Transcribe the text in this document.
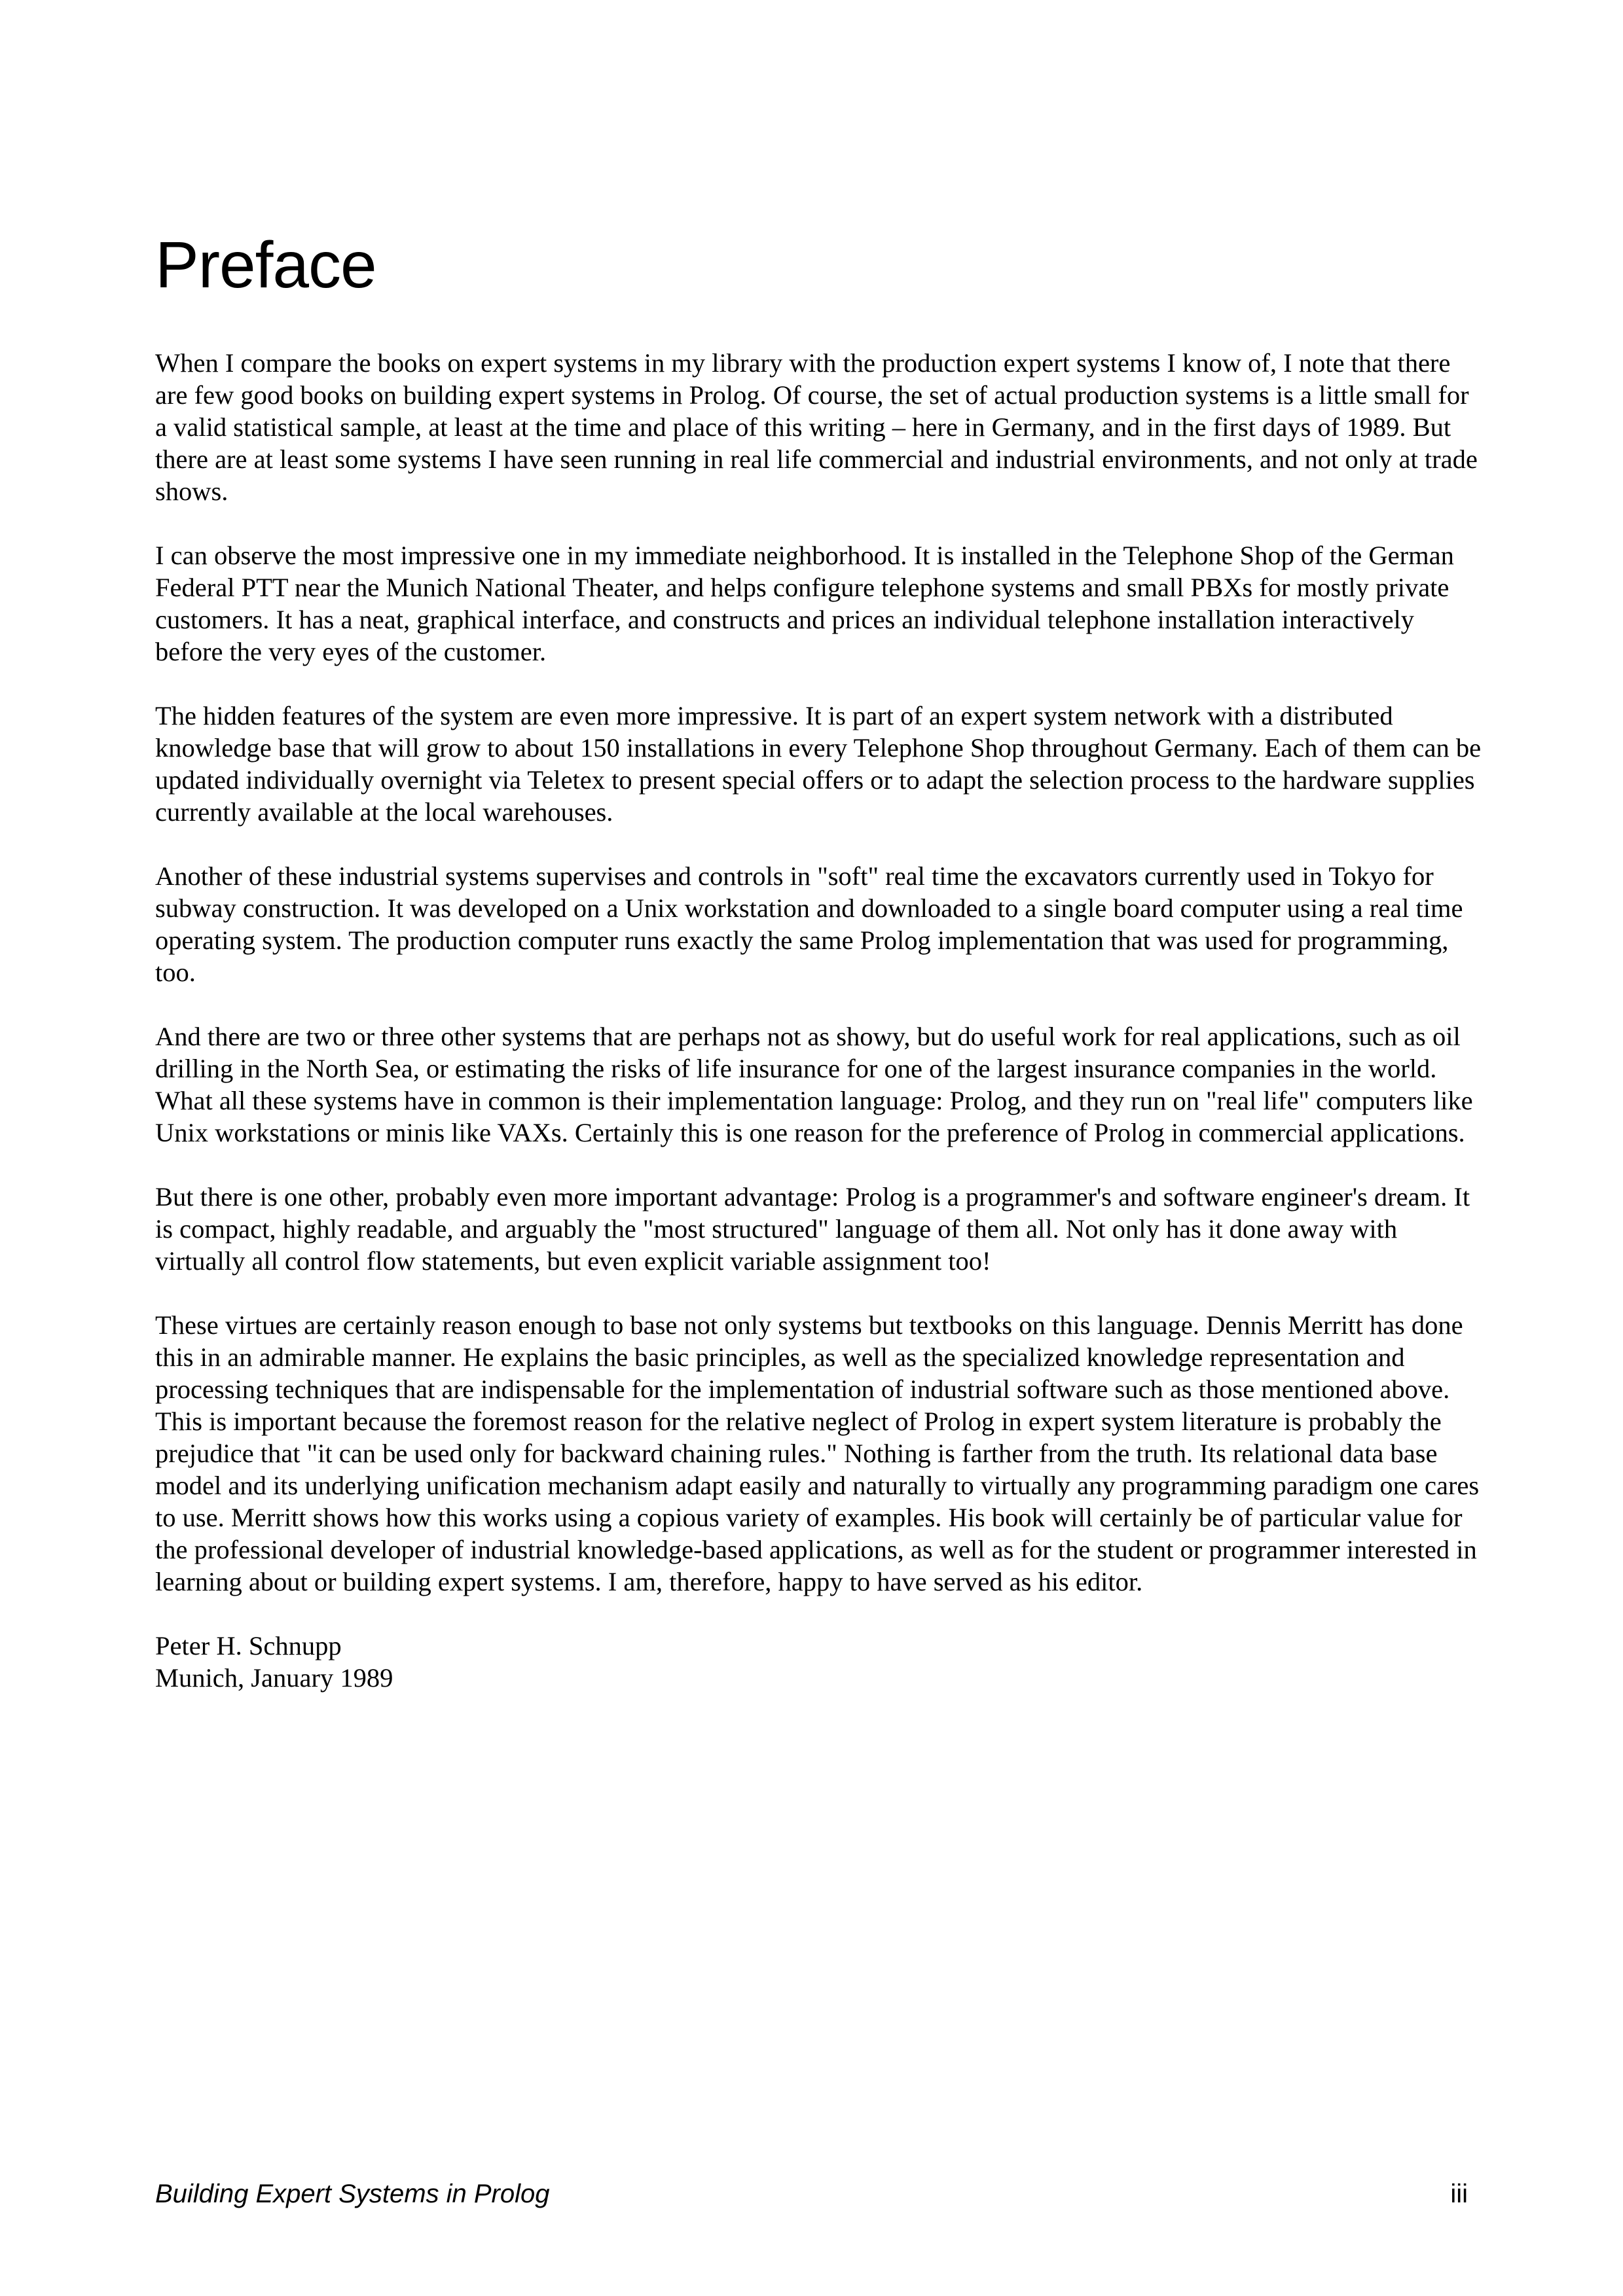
Preface

When I compare the books on expert systems in my library with the production expert systems I know of, I note that there are few good books on building expert systems in Prolog. Of course, the set of actual production systems is a little small for a valid statistical sample, at least at the time and place of this writing – here in Germany, and in the first days of 1989. But there are at least some systems I have seen running in real life commercial and industrial environments, and not only at trade shows.

I can observe the most impressive one in my immediate neighborhood. It is installed in the Telephone Shop of the German Federal PTT near the Munich National Theater, and helps configure telephone systems and small PBXs for mostly private customers. It has a neat, graphical interface, and constructs and prices an individual telephone installation interactively before the very eyes of the customer.

The hidden features of the system are even more impressive. It is part of an expert system network with a distributed knowledge base that will grow to about 150 installations in every Telephone Shop throughout Germany. Each of them can be updated individually overnight via Teletex to present special offers or to adapt the selection process to the hardware supplies currently available at the local warehouses.

Another of these industrial systems supervises and controls in "soft" real time the excavators currently used in Tokyo for subway construction. It was developed on a Unix workstation and downloaded to a single board computer using a real time operating system. The production computer runs exactly the same Prolog implementation that was used for programming, too.

And there are two or three other systems that are perhaps not as showy, but do useful work for real applications, such as oil drilling in the North Sea, or estimating the risks of life insurance for one of the largest insurance companies in the world. What all these systems have in common is their implementation language: Prolog, and they run on "real life" computers like Unix workstations or minis like VAXs. Certainly this is one reason for the preference of Prolog in commercial applications.

But there is one other, probably even more important advantage: Prolog is a programmer's and software engineer's dream. It is compact, highly readable, and arguably the "most structured" language of them all. Not only has it done away with virtually all control flow statements, but even explicit variable assignment too!

These virtues are certainly reason enough to base not only systems but textbooks on this language. Dennis Merritt has done this in an admirable manner. He explains the basic principles, as well as the specialized knowledge representation and processing techniques that are indispensable for the implementation of industrial software such as those mentioned above. This is important because the foremost reason for the relative neglect of Prolog in expert system literature is probably the prejudice that "it can be used only for backward chaining rules." Nothing is farther from the truth. Its relational data base model and its underlying unification mechanism adapt easily and naturally to virtually any programming paradigm one cares to use. Merritt shows how this works using a copious variety of examples. His book will certainly be of particular value for the professional developer of industrial knowledge-based applications, as well as for the student or programmer interested in learning about or building expert systems. I am, therefore, happy to have served as his editor.

Peter H. Schnupp
Munich, January 1989
Building Expert Systems in Prolog	iii
